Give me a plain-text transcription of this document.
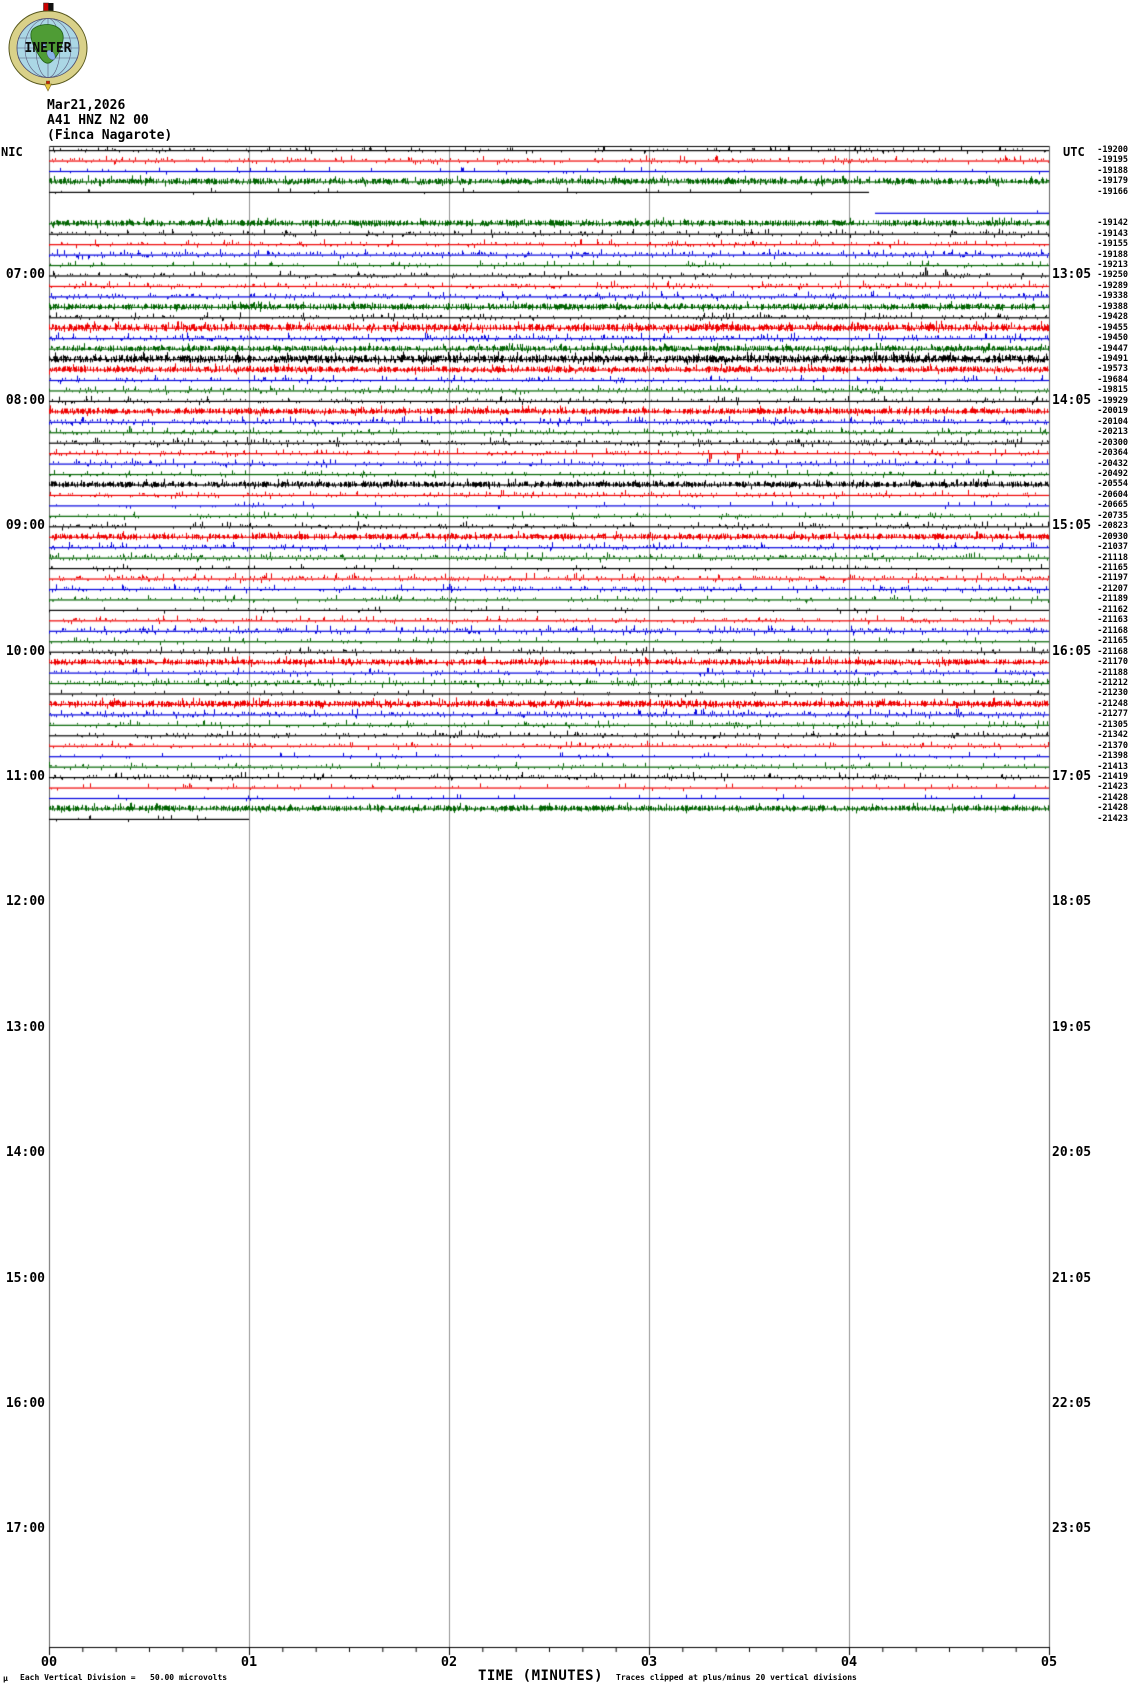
INETER
Mar21,2026
A41 HNZ N2 00
(Finca Nagarote)
NIC	UTC
07:00
08:00
09:00
10:00
11:00
12:00
13:00
14:00
15:00
16:00
17:00
13:05
14:05
15:05
16:05
17:05
18:05
19:05
20:05
21:05
22:05
23:05
-19200
-19195
-19188
-19179
-19166
-19142
-19143
-19155
-19188
-19213
-19250
-19289
-19338
-19388
-19428
-19455
-19450
-19447
-19491
-19573
-19684
-19815
-19929
-20019
-20104
-20213
-20300
-20364
-20432
-20492
-20554
-20604
-20665
-20735
-20823
-20930
-21037
-21118
-21165
-21197
-21207
-21189
-21162
-21163
-21168
-21165
-21168
-21170
-21188
-21212
-21230
-21248
-21277
-21305
-21342
-21370
-21398
-21413
-21419
-21423
-21428
-21428
-21423
00	01	02	03	04	05
TIME (MINUTES)
μ Each Vertical Division =   50.00 microvolts	Traces clipped at plus/minus 20 vertical divisions
